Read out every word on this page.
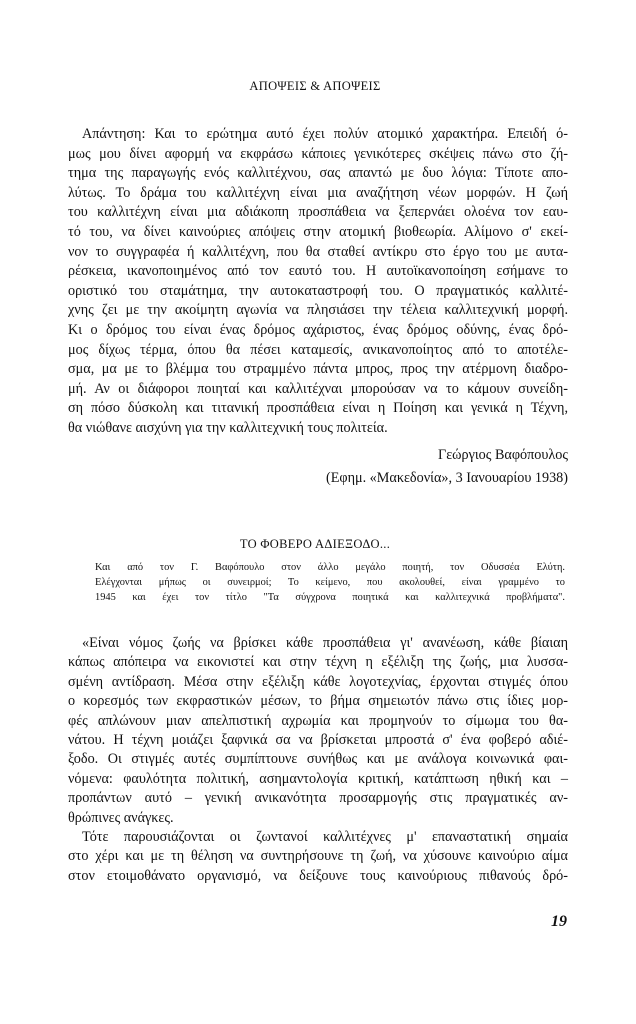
ΑΠΟΨΕΙΣ & ΑΠΟΨΕΙΣ
Απάντηση: Και το ερώτημα αυτό έχει πολύν ατομικό χαρακτήρα. Επειδή ό-
μως μου δίνει αφορμή να εκφράσω κάποιες γενικότερες σκέψεις πάνω στο ζή-
τημα της παραγωγής ενός καλλιτέχνου, σας απαντώ με δυο λόγια: Τίποτε απο-
λύτως. Το δράμα του καλλιτέχνη είναι μια αναζήτηση νέων μορφών. Η ζωή
του καλλιτέχνη είναι μια αδιάκοπη προσπάθεια να ξεπερνάει ολοένα τον εαυ-
τό του, να δίνει καινούριες απόψεις στην ατομική βιοθεωρία. Αλίμονο σ' εκεί-
νον το συγγραφέα ή καλλιτέχνη, που θα σταθεί αντίκρυ στο έργο του με αυτα-
ρέσκεια, ικανοποιημένος από τον εαυτό του. Η αυτοϊκανοποίηση εσήμανε το
οριστικό του σταμάτημα, την αυτοκαταστροφή του. Ο πραγματικός καλλιτέ-
χνης ζει με την ακοίμητη αγωνία να πλησιάσει την τέλεια καλλιτεχνική μορφή.
Κι ο δρόμος του είναι ένας δρόμος αχάριστος, ένας δρόμος οδύνης, ένας δρό-
μος δίχως τέρμα, όπου θα πέσει καταμεσίς, ανικανοποίητος από το αποτέλε-
σμα, μα με το βλέμμα του στραμμένο πάντα μπρος, προς την ατέρμονη διαδρο-
μή. Αν οι διάφοροι ποιηταί και καλλιτέχναι μπορούσαν να το κάμουν συνείδη-
ση πόσο δύσκολη και τιτανική προσπάθεια είναι η Ποίηση και γενικά η Τέχνη,
θα νιώθανε αισχύνη για την καλλιτεχνική τους πολιτεία.
Γεώργιος Βαφόπουλος
(Εφημ. «Μακεδονία», 3 Ιανουαρίου 1938)
ΤΟ ΦΟΒΕΡΟ ΑΔΙΕΞΟΔΟ...
Και από τον Γ. Βαφόπουλο στον άλλο μεγάλο ποιητή, τον Οδυσσέα Ελύτη.
Ελέγχονται μήπως οι συνειρμοί; Το κείμενο, που ακολουθεί, είναι γραμμένο το
1945 και έχει τον τίτλο "Τα σύγχρονα ποιητικά και καλλιτεχνικά προβλήματα".
«Είναι νόμος ζωής να βρίσκει κάθε προσπάθεια γι' ανανέωση, κάθε βίαιαη
κάπως απόπειρα να εικονιστεί και στην τέχνη η εξέλιξη της ζωής, μια λυσσα-
σμένη αντίδραση. Μέσα στην εξέλιξη κάθε λογοτεχνίας, έρχονται στιγμές όπου
ο κορεσμός των εκφραστικών μέσων, το βήμα σημειωτόν πάνω στις ίδιες μορ-
φές απλώνουν μιαν απελπιστική αχρωμία και προμηνούν το σίμωμα του θα-
νάτου. Η τέχνη μοιάζει ξαφνικά σα να βρίσκεται μπροστά σ' ένα φοβερό αδιέ-
ξοδο. Οι στιγμές αυτές συμπίπτουνε συνήθως και με ανάλογα κοινωνικά φαι-
νόμενα: φαυλότητα πολιτική, ασημαντολογία κριτική, κατάπτωση ηθική και –
προπάντων αυτό – γενική ανικανότητα προσαρμογής στις πραγματικές αν-
θρώπινες ανάγκες.
Τότε παρουσιάζονται οι ζωντανοί καλλιτέχνες μ' επαναστατική σημαία
στο χέρι και με τη θέληση να συντηρήσουνε τη ζωή, να χύσουνε καινούριο αίμα
στον ετοιμοθάνατο οργανισμό, να δείξουνε τους καινούριους πιθανούς δρό-
19
